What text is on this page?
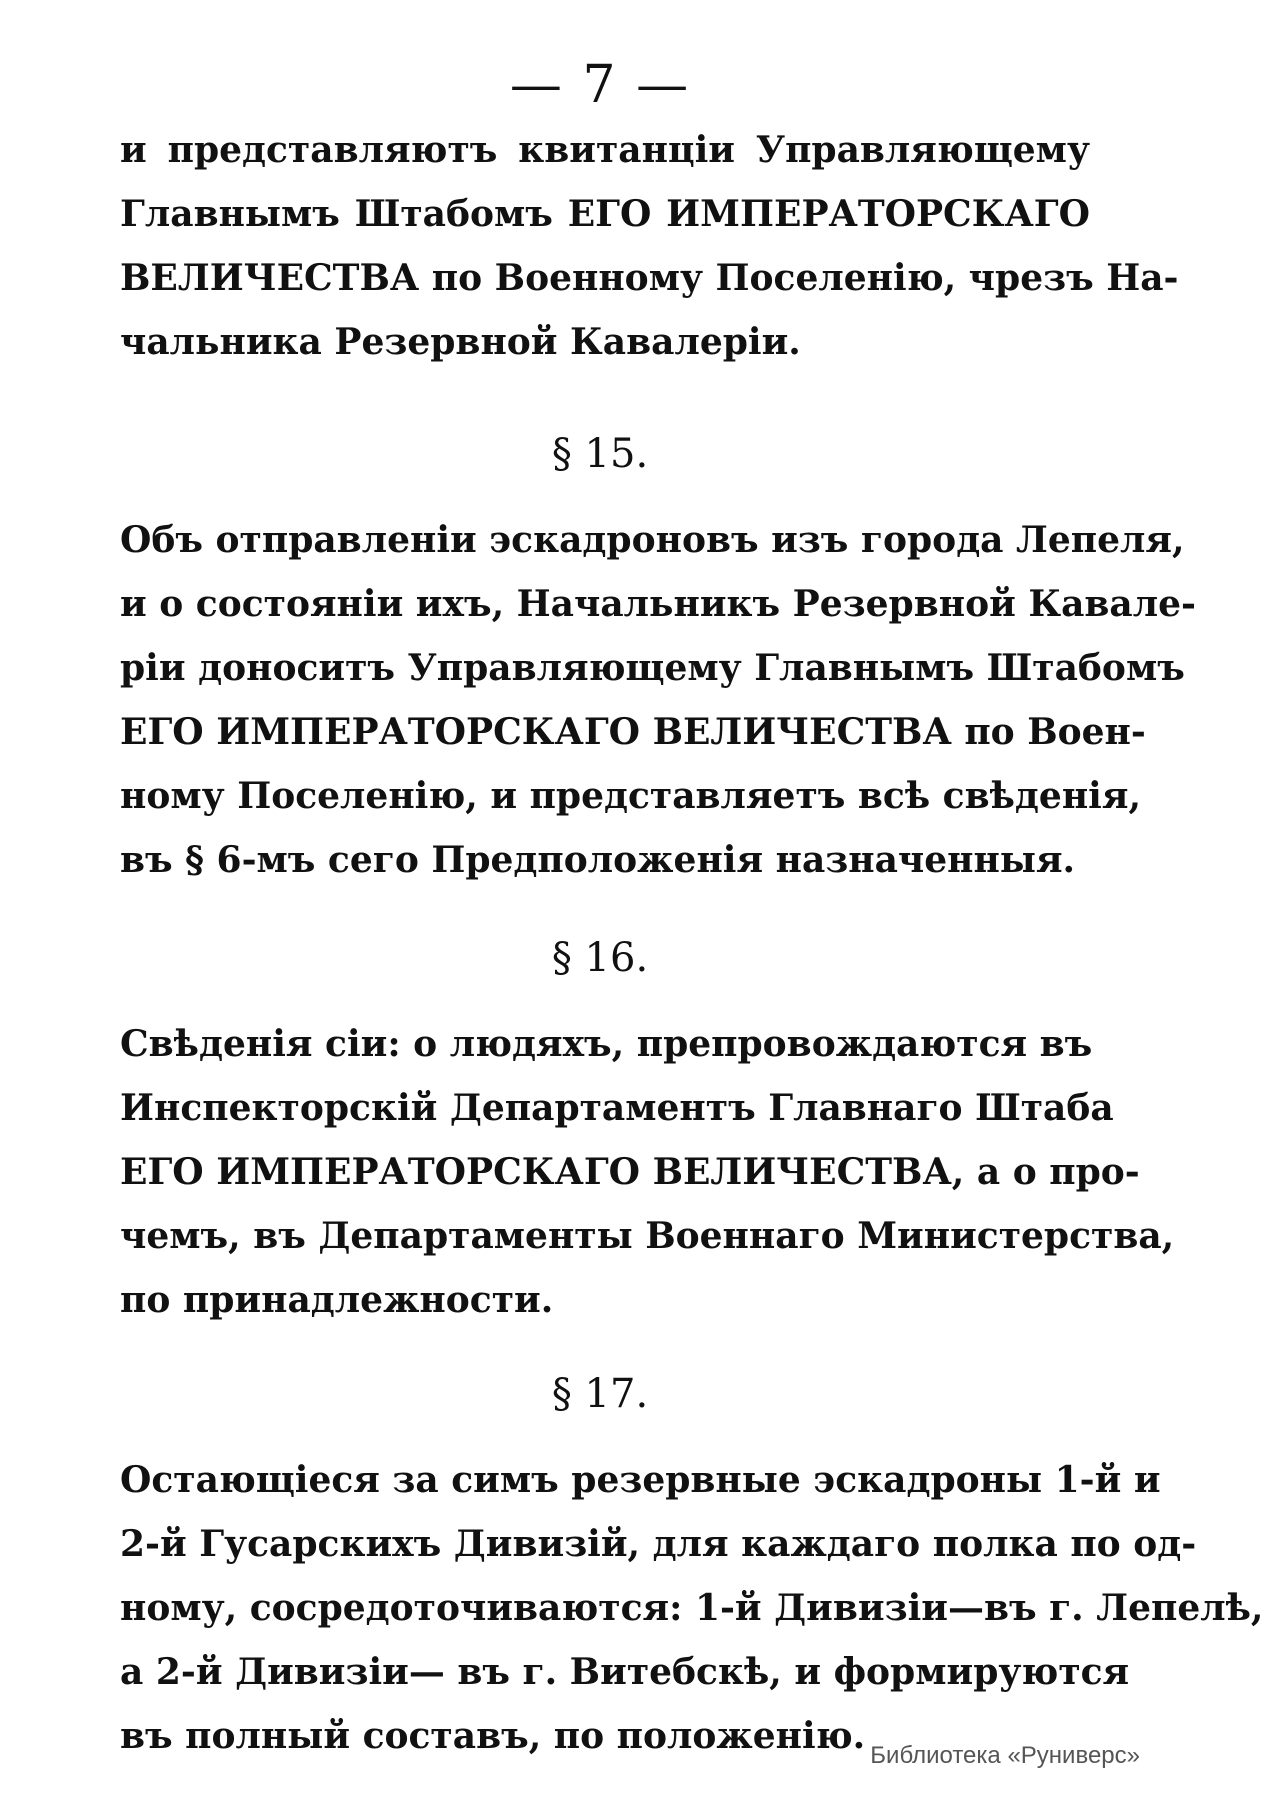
— 7 —

и представляютъ квитанціи Управляющему
Главнымъ Штабомъ ЕГО ИМПЕРАТОРСКАГО
ВЕЛИЧЕСТВА по Военному Поселенію, чрезъ На-
чальника Резервной Кавалеріи.

§ 15.

Объ отправленіи эскадроновъ изъ города Лепеля,
и о состояніи ихъ, Начальникъ Резервной Кавале-
ріи доноситъ Управляющему Главнымъ Штабомъ
ЕГО ИМПЕРАТОРСКАГО ВЕЛИЧЕСТВА по Воен-
ному Поселенію, и представляетъ всѣ свѣденія,
въ § 6-мъ сего Предположенія назначенныя.

§ 16.

Свѣденія сіи: о людяхъ, препровождаются въ
Инспекторскій Департаментъ Главнаго Штаба
ЕГО ИМПЕРАТОРСКАГО ВЕЛИЧЕСТВА, а о про-
чемъ, въ Департаменты Военнаго Министерства,
по принадлежности.

§ 17.

Остающіеся за симъ резервные эскадроны 1-й и
2-й Гусарскихъ Дивизій, для каждаго полка по од-
ному, сосредоточиваются: 1-й Дивизіи—въ г. Лепелѣ,
а 2-й Дивизіи— въ г. Витебскѣ, и формируются
въ полный составъ, по положенію. Библиотека «Руниверс»
